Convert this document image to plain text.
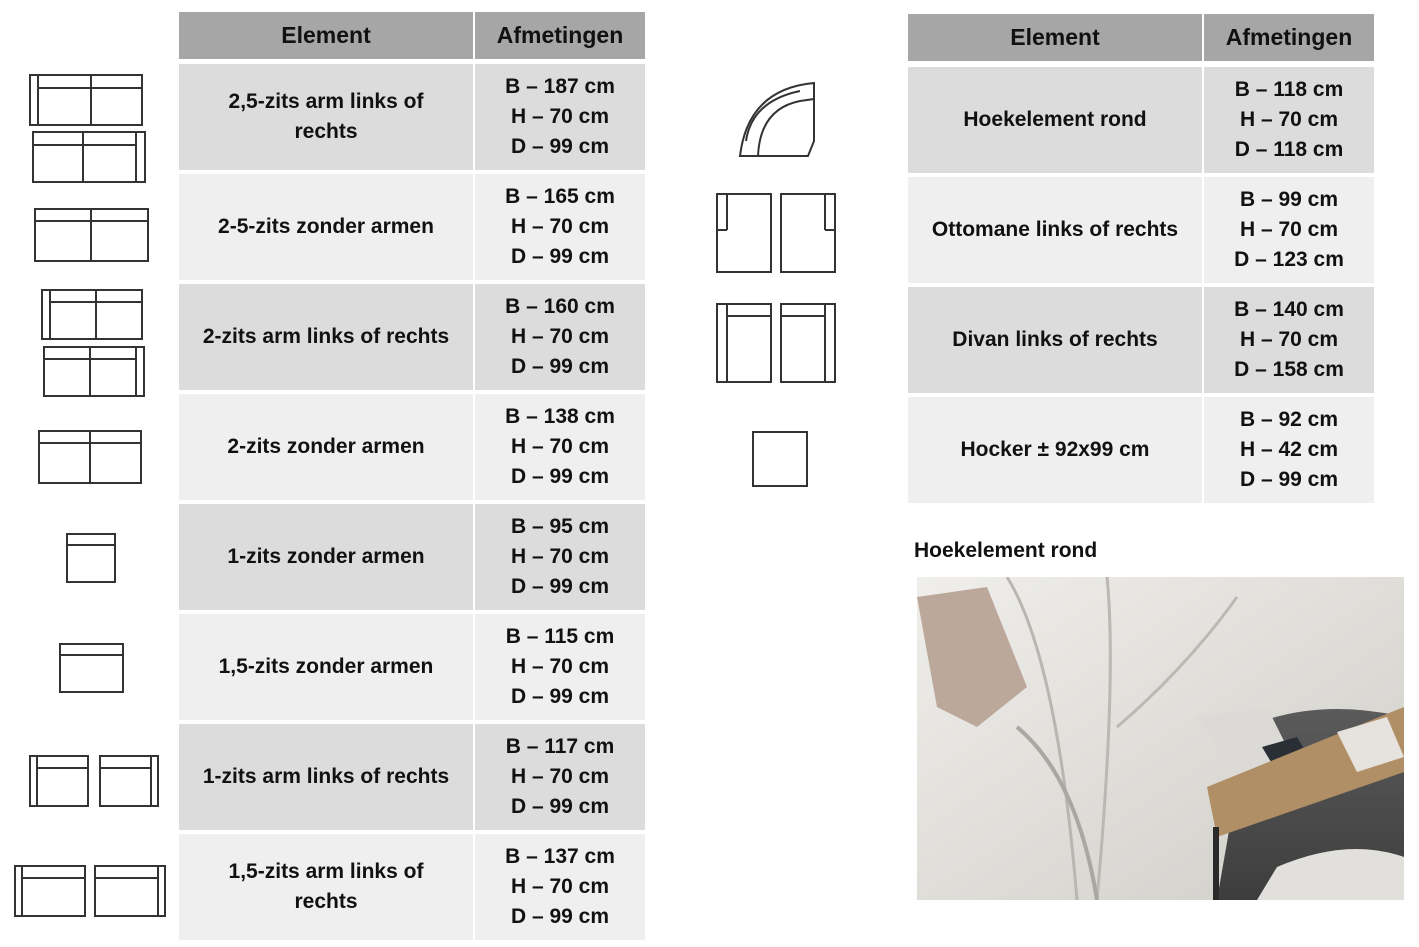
Element	Afmetingen
2,5-zits arm links of rechts
B – 187 cm
H – 70 cm
D – 99 cm
2-5-zits zonder armen
B – 165 cm
H – 70 cm
D – 99 cm
2-zits arm links of rechts
B – 160 cm
H – 70 cm
D – 99 cm
2-zits zonder armen
B – 138 cm
H – 70 cm
D – 99 cm
1-zits zonder armen
B – 95 cm
H – 70 cm
D – 99 cm
1,5-zits zonder armen
B – 115 cm
H – 70 cm
D – 99 cm
1-zits arm links of rechts
B – 117 cm
H – 70 cm
D – 99 cm
1,5-zits arm links of rechts
B – 137 cm
H – 70 cm
D – 99 cm
Element	Afmetingen
Hoekelement rond
B – 118 cm
H – 70 cm
D – 118 cm
Ottomane links of rechts
B – 99 cm
H – 70 cm
D – 123 cm
Divan links of rechts
B – 140 cm
H – 70 cm
D – 158 cm
Hocker ± 92x99 cm
B – 92 cm
H – 42 cm
D – 99 cm
Hoekelement rond
